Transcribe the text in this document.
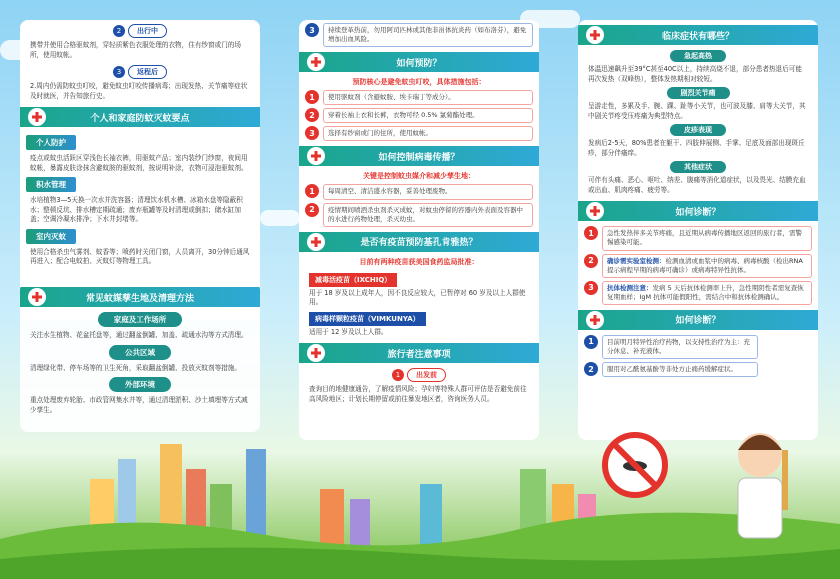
2	出行中
携带并使用合格驱蚊剂，穿轻质紫色衣服处理的衣物，住有纱窗或门的场所，使用蚊帐。
3	返程后
2.周内仍需防蚊虫叮咬，避免蚊虫叮咬传播病毒；出现发热、关节痛等症状及时就医，并告知旅行史。
个人和家庭防蚊灭蚊要点
个人防护
疫点或蚊虫活跃区穿浅色长袖衣裤，用驱蚊产品；室内装纱门纱窗，夜间用蚊帐，暴露皮肤涂抹含避蚊胺的驱蚊剂，按说明补涂，衣物可浸泡驱蚊剂。
积水管理
水培植物3—5天换一次水并洗容器；清理饮水机水槽、冰箱水盘等隐蔽积水；整顿反坑、排水槽定期疏通；废弃瓶罐等及时清理或倒扣；储水缸加盖；空调冷凝水排净；下水井封堵等。
室内灭蚊
使用合格杀虫气雾剂、蚊香等；喷药时关闭门窗，人员离开，30分钟后通风再进入；配合电蚊拍、灭蚊灯等物理工具。
常见蚊媒孳生地及清理方法
家庭及工作场所
关注水生植物、花盆托盘等，通过翻盆倒罐、加盖、疏通水沟等方式清理。
公共区域
清理绿化带、停车场等的卫生死角，采取翻盆倒罐、投放灭蚊剂等措施。
外部环境
重点处理废弃轮胎、市政管网集水井等，通过清理淤积、沙土填埋等方式减少孳生。
3	持续登革热前，勿用阿司匹林或其他非甾体抗炎药（如布洛芬），避免增加出血风险。
如何预防？
预防核心是避免蚊虫叮咬，具体措施包括：
1	使用驱蚊剂（含避蚊胺、埃卡瑞丁等成分）。
2	穿着长袖上衣和长裤，衣物可经 0.5% 氯菊酯处理。
3	选择有纱窗或门的住所，使用蚊帐。
如何控制病毒传播？
关键是控制蚊虫媒介和减少孳生地：
1	每周清空、清洁盛水容器，妥善处理废物。
2	疫情期间喷洒杀虫剂杀灭成蚊，对蚊虫停留的容器内外表面及容器中的水进行药物处理，杀灭幼虫。
是否有疫苗预防基孔肯雅热？
目前有两种疫苗获美国食药监局批准：
减毒活疫苗（IXCHIQ）
用于 18 岁及以上成年人，因不良反应较大，已暂停对 60 岁及以上人群使用。
病毒样颗粒疫苗（VIMKUNYA）
适用于 12 岁及以上人群。
旅行者注意事项
1	出发前
查询目的地健康通告，了解疫情风险；孕妇等特殊人群可评估是否避免前往高风险地区；计划长期停留或前往暴发地区者，咨询医务人员。
临床症状有哪些？
急起高热
体温迅速飙升至39°C甚至40C以上，持续高烧不退，部分患者热退后可能再次发热（双峰热），整体发热期相对较短。
剧烈关节痛
呈游走性，多累及手、腕、踝、趾等小关节，也可波及膝、肩等大关节，其中剧关节疼受压疼痛为典型特点。
皮疹表现
发病后2-5天，80%患者在躯干、四肢伸展侧、手掌、足底及面部出现斑丘疹，部分伴瘙痒。
其他症状
可伴有头痛、恶心、呕吐、纳差、腹痛等消化道症状，以及畏光、结膜充血或出血、肌肉疼痛、疲劳等。
如何诊断？
1	急性发热伴多关节疼痛，且近期从病毒传播地区返回的旅行者，需警惕感染可能。
2	确诊需实验室检测：检测血清或血浆中的病毒、病毒核酸（检出RNA提示病程早期的病毒可确诊）或病毒特异性抗体。
3	抗体检测注意：发病 5 天后抗体检测率上升，急性期阴性者需复查恢复期血样；IgM 抗体可能假阳性，需结合中和抗体检测确认。
如何诊断？
1	目前明月特异性治疗药物，以支持性治疗为主：充分休息、补充液体。
2	服用对乙酰氨基酚等非处方止痛药缓解症状。
